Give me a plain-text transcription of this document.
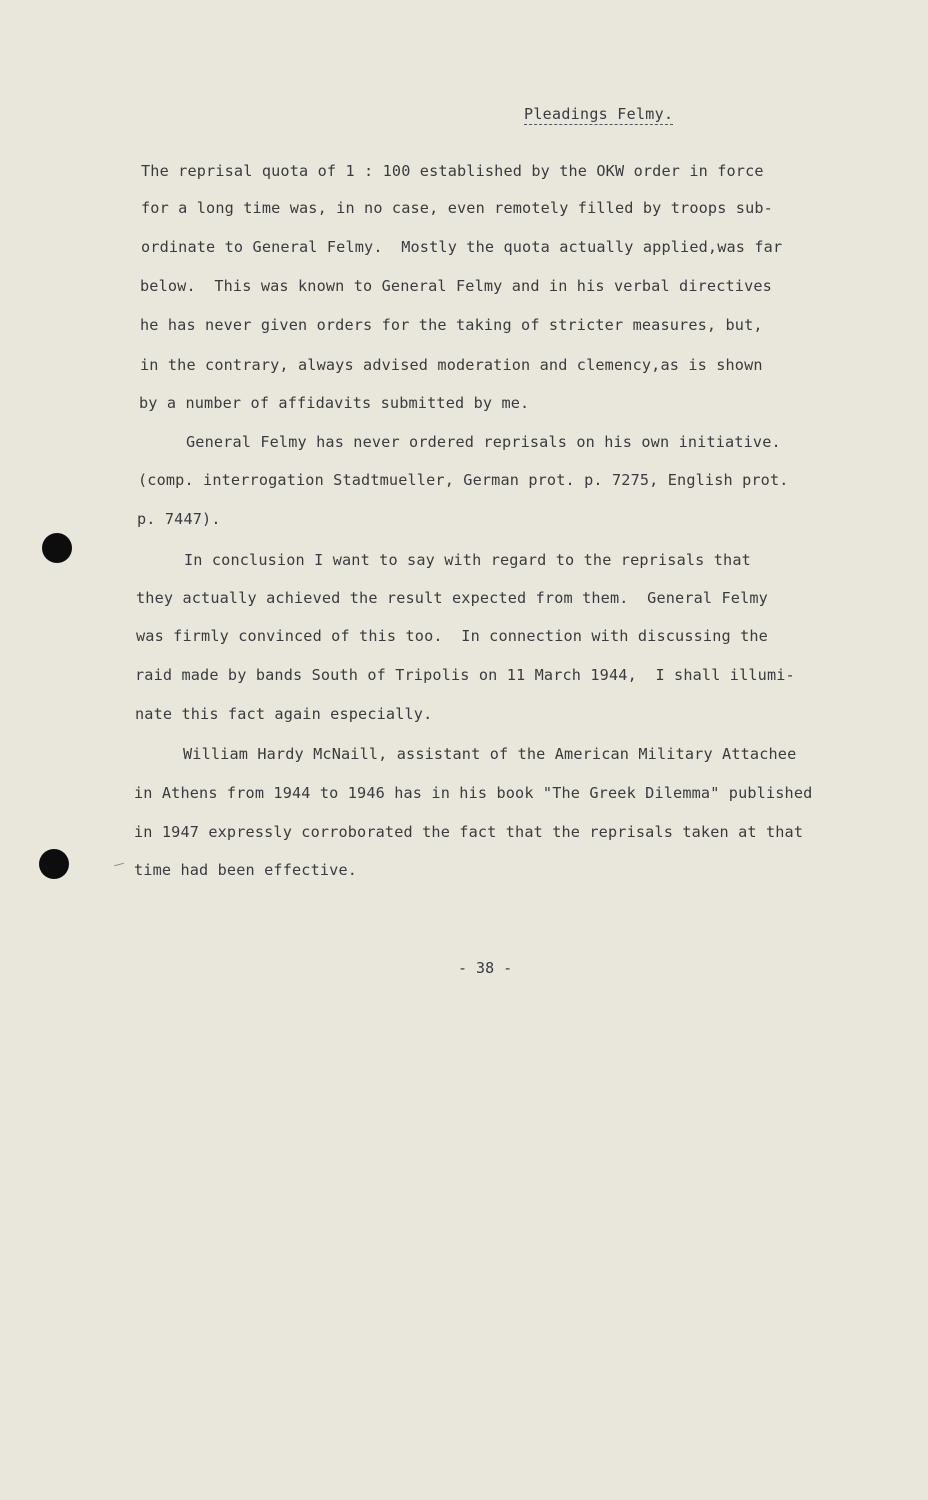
Pleadings Felmy.
The reprisal quota of 1 : 100 established by the OKW order in force
for a long time was, in no case, even remotely filled by troops sub-
ordinate to General Felmy.  Mostly the quota actually applied,was far
below.  This was known to General Felmy and in his verbal directives
he has never given orders for the taking of stricter measures, but,
in the contrary, always advised moderation and clemency,as is shown
by a number of affidavits submitted by me.
General Felmy has never ordered reprisals on his own initiative.
(comp. interrogation Stadtmueller, German prot. p. 7275, English prot.
p. 7447).
In conclusion I want to say with regard to the reprisals that
they actually achieved the result expected from them.  General Felmy
was firmly convinced of this too.  In connection with discussing the
raid made by bands South of Tripolis on 11 March 1944,  I shall illumi-
nate this fact again especially.
William Hardy McNaill, assistant of the American Military Attachee
in Athens from 1944 to 1946 has in his book "The Greek Dilemma" published
in 1947 expressly corroborated the fact that the reprisals taken at that
time had been effective.
- 38 -
